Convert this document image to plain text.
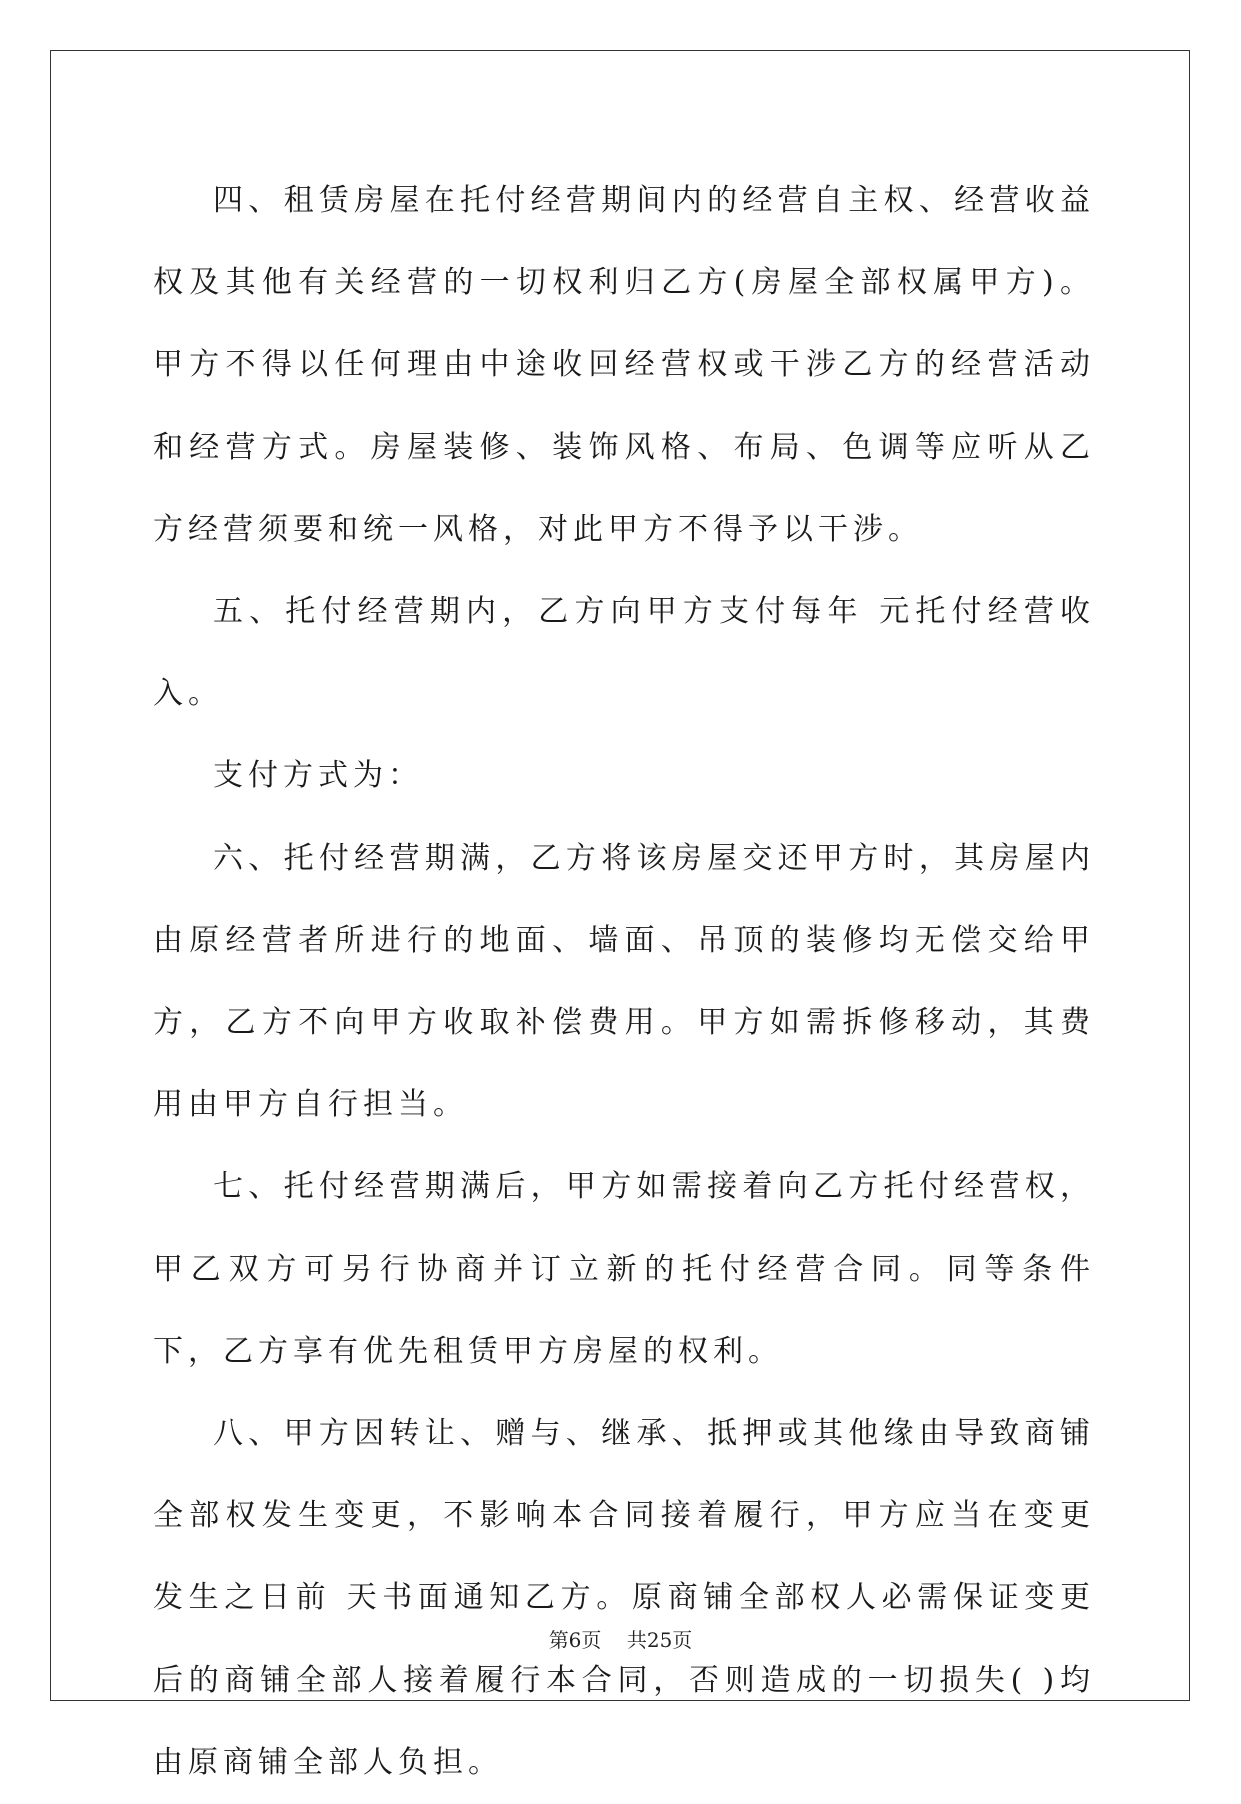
四、租赁房屋在托付经营期间内的经营自主权、经营收益权及其他有关经营的一切权利归乙方(房屋全部权属甲方)。甲方不得以任何理由中途收回经营权或干涉乙方的经营活动和经营方式。房屋装修、装饰风格、布局、色调等应听从乙方经营须要和统一风格，对此甲方不得予以干涉。

五、托付经营期内，乙方向甲方支付每年 元托付经营收入。

支付方式为：

六、托付经营期满，乙方将该房屋交还甲方时，其房屋内由原经营者所进行的地面、墙面、吊顶的装修均无偿交给甲方，乙方不向甲方收取补偿费用。甲方如需拆修移动，其费用由甲方自行担当。

七、托付经营期满后，甲方如需接着向乙方托付经营权，甲乙双方可另行协商并订立新的托付经营合同。同等条件下，乙方享有优先租赁甲方房屋的权利。

八、甲方因转让、赠与、继承、抵押或其他缘由导致商铺全部权发生变更，不影响本合同接着履行，甲方应当在变更发生之日前 天书面通知乙方。原商铺全部权人必需保证变更后的商铺全部人接着履行本合同，否则造成的一切损失( )均由原商铺全部人负担。

第6页    共25页
